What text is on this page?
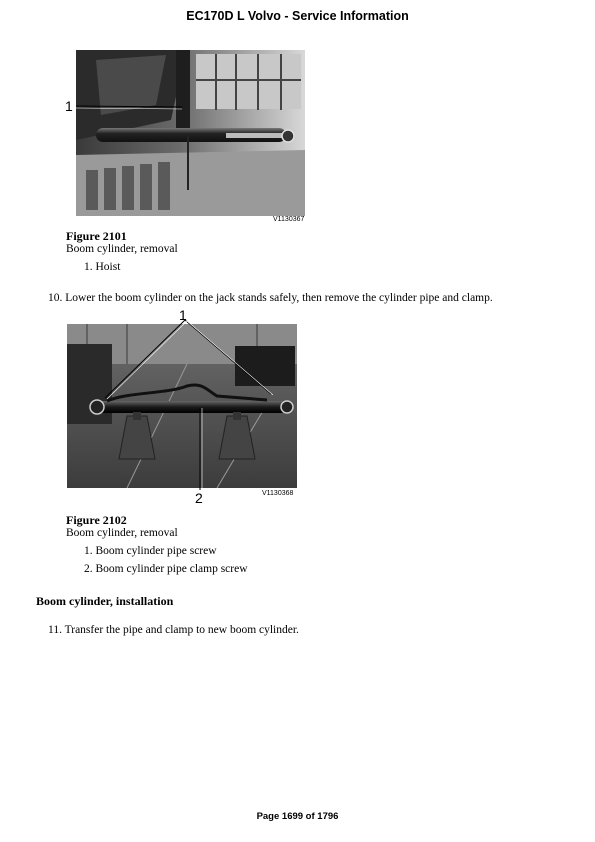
EC170D L Volvo - Service Information
1
V1130367
Figure 2101
Boom cylinder, removal
1. Hoist
10. Lower the boom cylinder on the jack stands safely, then remove the cylinder pipe and clamp.
1
2	V1130368
Figure 2102
Boom cylinder, removal
1. Boom cylinder pipe screw
2. Boom cylinder pipe clamp screw
Boom cylinder, installation
11. Transfer the pipe and clamp to new boom cylinder.
Page 1699 of 1796
